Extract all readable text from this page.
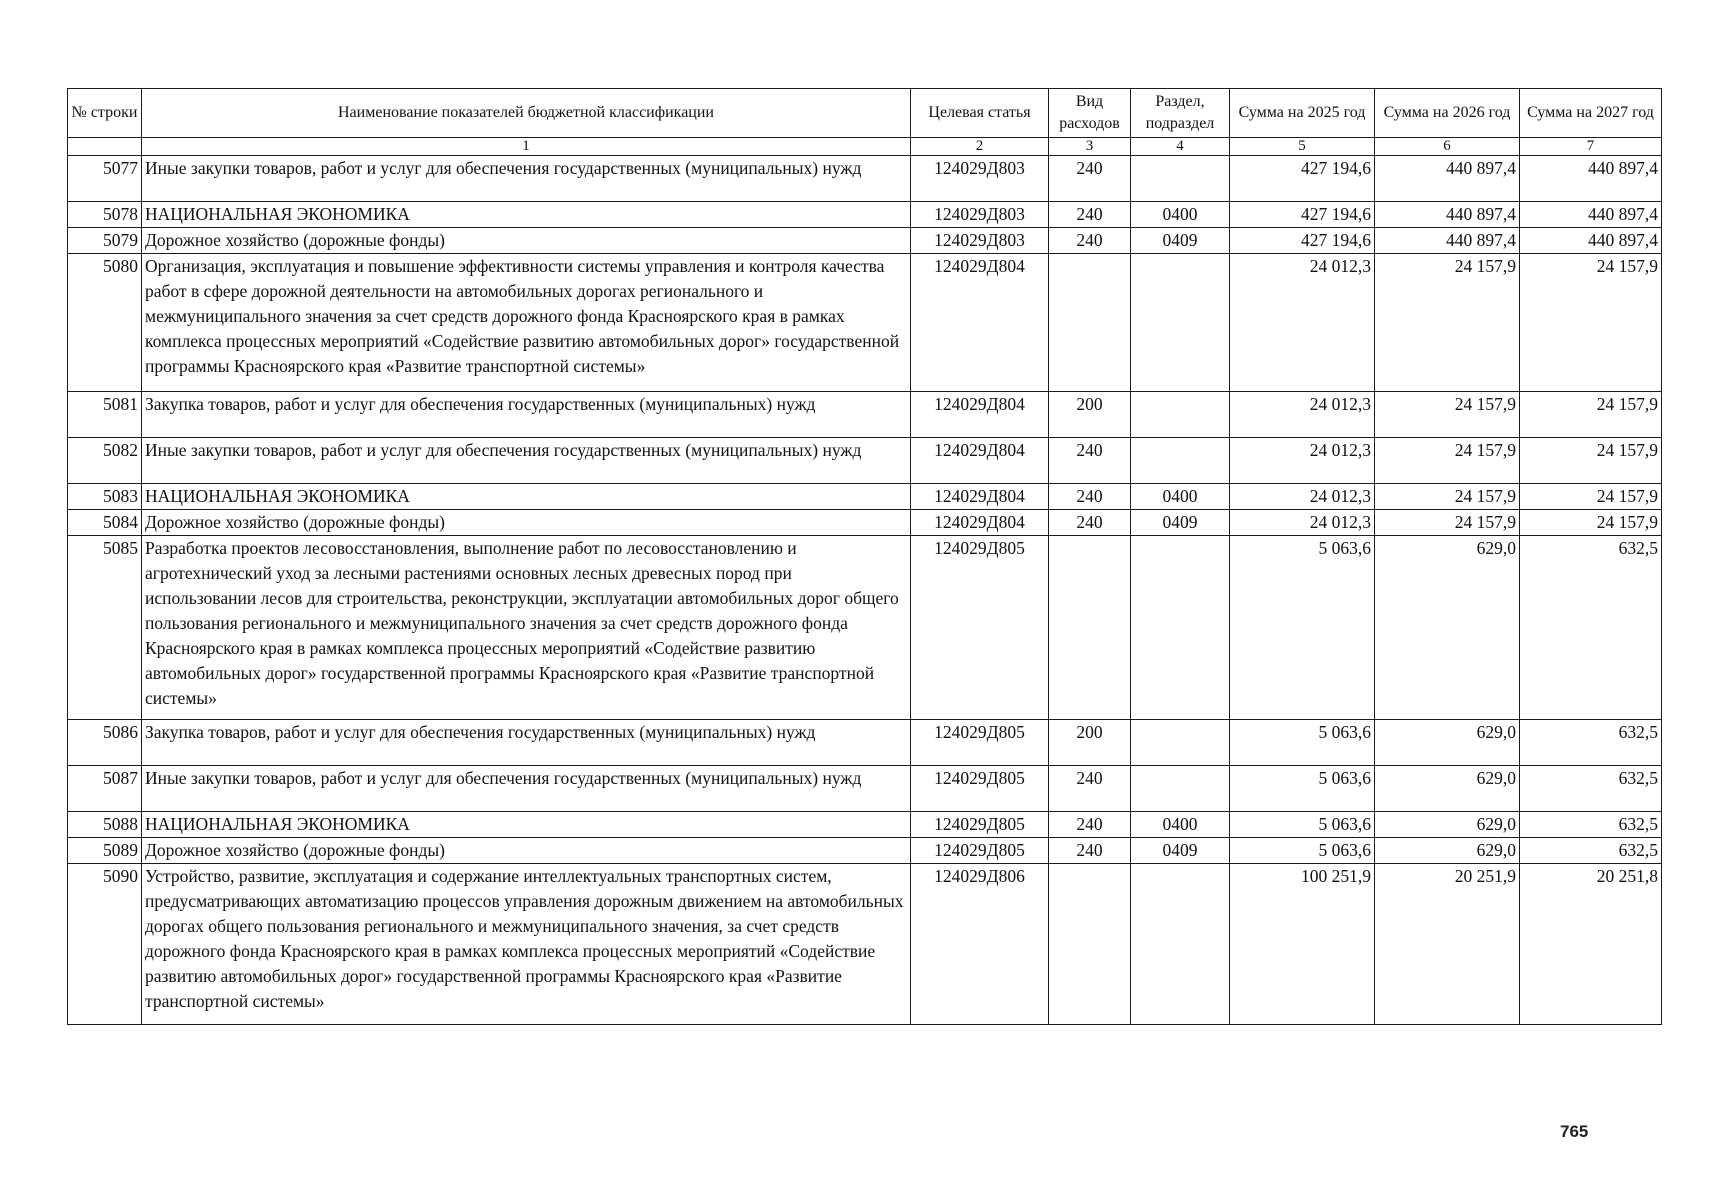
№ строки	Наименование показателей бюджетной классификации	Целевая статья	Вид расходов	Раздел, подраздел	Сумма на 2025 год	Сумма на 2026 год	Сумма на 2027 год
	1	2	3	4	5	6	7
5077	Иные закупки товаров, работ и услуг для обеспечения государственных (муниципальных) нужд	124029Д803	240		427 194,6	440 897,4	440 897,4
5078	НАЦИОНАЛЬНАЯ ЭКОНОМИКА	124029Д803	240	0400	427 194,6	440 897,4	440 897,4
5079	Дорожное хозяйство (дорожные фонды)	124029Д803	240	0409	427 194,6	440 897,4	440 897,4
5080	Организация, эксплуатация и повышение эффективности системы управления и контроля качества работ в сфере дорожной деятельности на автомобильных дорогах регионального и межмуниципального значения за счет средств дорожного фонда Красноярского края в рамках комплекса процессных мероприятий «Содействие развитию автомобильных дорог» государственной программы Красноярского края «Развитие транспортной системы»	124029Д804			24 012,3	24 157,9	24 157,9
5081	Закупка товаров, работ и услуг для обеспечения государственных (муниципальных) нужд	124029Д804	200		24 012,3	24 157,9	24 157,9
5082	Иные закупки товаров, работ и услуг для обеспечения государственных (муниципальных) нужд	124029Д804	240		24 012,3	24 157,9	24 157,9
5083	НАЦИОНАЛЬНАЯ ЭКОНОМИКА	124029Д804	240	0400	24 012,3	24 157,9	24 157,9
5084	Дорожное хозяйство (дорожные фонды)	124029Д804	240	0409	24 012,3	24 157,9	24 157,9
5085	Разработка проектов лесовосстановления, выполнение работ по лесовосстановлению и агротехнический уход за лесными растениями основных лесных древесных пород при использовании лесов для строительства, реконструкции, эксплуатации автомобильных дорог общего пользования регионального и межмуниципального значения за счет средств дорожного фонда Красноярского края в рамках комплекса процессных мероприятий «Содействие развитию автомобильных дорог» государственной программы Красноярского края «Развитие транспортной системы»	124029Д805			5 063,6	629,0	632,5
5086	Закупка товаров, работ и услуг для обеспечения государственных (муниципальных) нужд	124029Д805	200		5 063,6	629,0	632,5
5087	Иные закупки товаров, работ и услуг для обеспечения государственных (муниципальных) нужд	124029Д805	240		5 063,6	629,0	632,5
5088	НАЦИОНАЛЬНАЯ ЭКОНОМИКА	124029Д805	240	0400	5 063,6	629,0	632,5
5089	Дорожное хозяйство (дорожные фонды)	124029Д805	240	0409	5 063,6	629,0	632,5
5090	Устройство, развитие, эксплуатация и содержание интеллектуальных транспортных систем, предусматривающих автоматизацию процессов управления дорожным движением на автомобильных дорогах общего пользования регионального и межмуниципального значения, за счет средств дорожного фонда Красноярского края в рамках комплекса процессных мероприятий «Содействие развитию автомобильных дорог» государственной программы Красноярского края «Развитие транспортной системы»	124029Д806			100 251,9	20 251,9	20 251,8
765
